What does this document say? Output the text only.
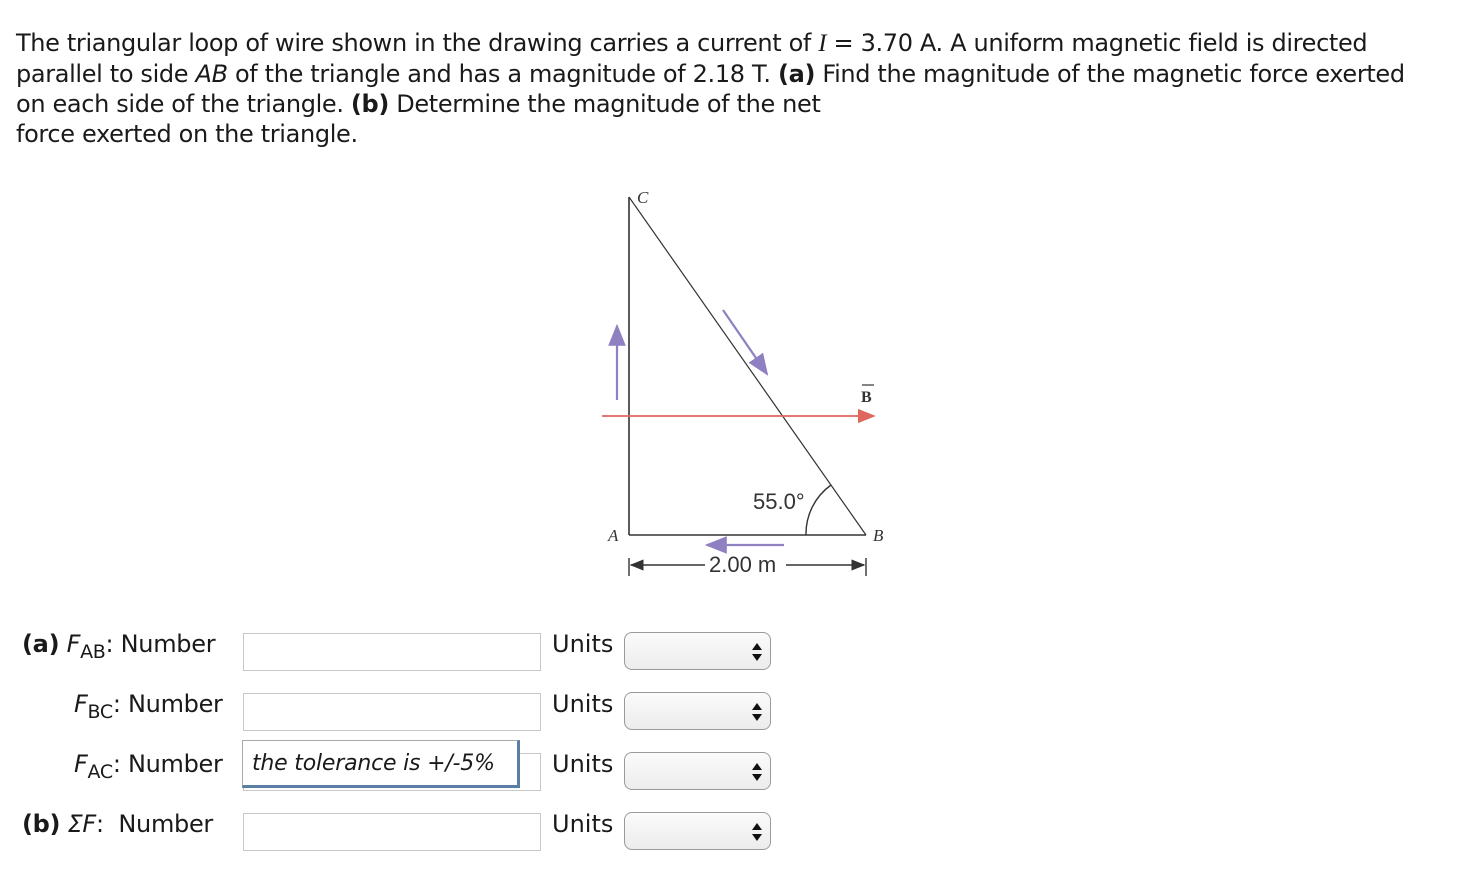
The triangular loop of wire shown in the drawing carries a current of I = 3.70 A. A uniform magnetic field is directed
parallel to side AB of the triangle and has a magnitude of 2.18 T. (a) Find the magnitude of the magnetic force exerted
on each side of the triangle. (b) Determine the magnitude of the net
force exerted on the triangle.
C
A	B
B
55.0°
2.00 m
(a) $F_{AB}$: Number	Units
$F_{BC}$: Number	Units
$F_{AC}$: Number	Units
(b) ΣF:  Number	Units
the tolerance is +/-5%
